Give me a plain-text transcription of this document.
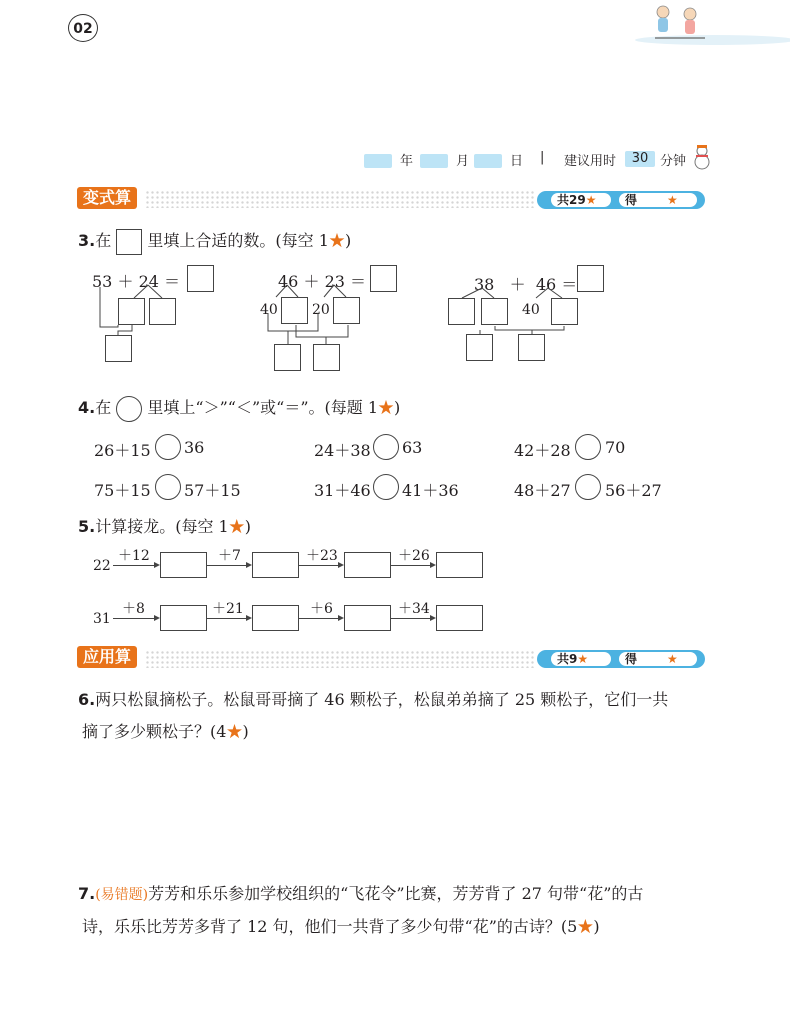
02
年	月	日 | 建议用时	30 分钟
变式算	共29★	得 ★
3.在 里填上合适的数。(每空 1★)
53 ＋ 24 ＝	46 ＋ 23 ＝
40 20
38 ＋ 46 ＝
40
4.在 里填上“＞”“＜”或“＝”。(每题 1★)
26＋15 36	24＋38 63	42＋28 70
75＋15 57＋15	31＋46 41＋36	48＋27 56＋27
5.计算接龙。(每空 1★)
22
＋12	＋7	＋23	＋26
31
＋8	＋21	＋6	＋34
应用算	共9★	得 ★
6.两只松鼠摘松子。松鼠哥哥摘了 46 颗松子，松鼠弟弟摘了 25 颗松子，它们一共
摘了多少颗松子？(4★)
7.(易错题)芳芳和乐乐参加学校组织的“飞花令”比赛，芳芳背了 27 句带“花”的古
诗，乐乐比芳芳多背了 12 句，他们一共背了多少句带“花”的古诗？(5★)
